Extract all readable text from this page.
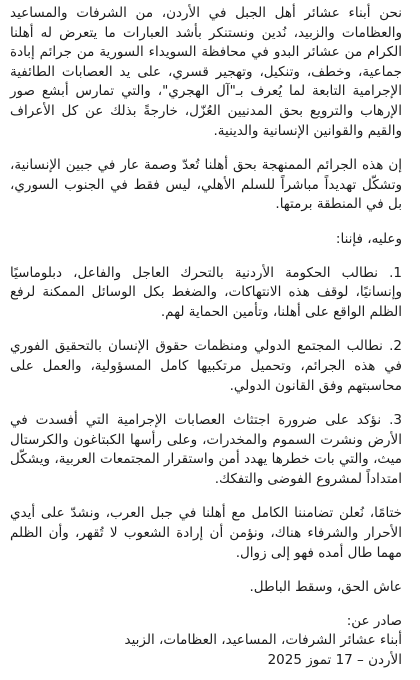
نحن أبناء عشائر أهل الجبل في الأردن، من الشرفات والمساعيد والعظامات والزبيد، نُدين ونستنكر بأشد العبارات ما يتعرض له أهلنا الكرام من عشائر البدو في محافظة السويداء السورية من جرائم إبادة جماعية، وخطف، وتنكيل، وتهجير قسري، على يد العصابات الطائفية الإجرامية التابعة لما يُعرف بـ"آل الهجري"، والتي تمارس أبشع صور الإرهاب والترويع بحق المدنيين العُزّل، خارجةً بذلك عن كل الأعراف والقيم والقوانين الإنسانية والدينية.

إن هذه الجرائم الممنهجة بحق أهلنا تُعدّ وصمة عار في جبين الإنسانية، وتشكّل تهديداً مباشراً للسلم الأهلي، ليس فقط في الجنوب السوري، بل في المنطقة برمتها.

وعليه، فإننا:

1. نطالب الحكومة الأردنية بالتحرك العاجل والفاعل، دبلوماسيًا وإنسانيًا، لوقف هذه الانتهاكات، والضغط بكل الوسائل الممكنة لرفع الظلم الواقع على أهلنا، وتأمين الحماية لهم.

2. نطالب المجتمع الدولي ومنظمات حقوق الإنسان بالتحقيق الفوري في هذه الجرائم، وتحميل مرتكبيها كامل المسؤولية، والعمل على محاسبتهم وفق القانون الدولي.

3. نؤكد على ضرورة اجتثاث العصابات الإجرامية التي أفسدت في الأرض ونشرت السموم والمخدرات، وعلى رأسها الكبتاغون والكرستال ميث، والتي بات خطرها يهدد أمن واستقرار المجتمعات العربية، ويشكّل امتداداً لمشروع الفوضى والتفكك.

ختامًا، نُعلن تضامننا الكامل مع أهلنا في جبل العرب، ونشدّ على أيدي الأحرار والشرفاء هناك، ونؤمن أن إرادة الشعوب لا تُقهر، وأن الظلم مهما طال أمده فهو إلى زوال.

عاش الحق، وسقط الباطل.

صادر عن:
أبناء عشائر الشرفات، المساعيد، العظامات، الزبيد
الأردن – 17 تموز 2025
